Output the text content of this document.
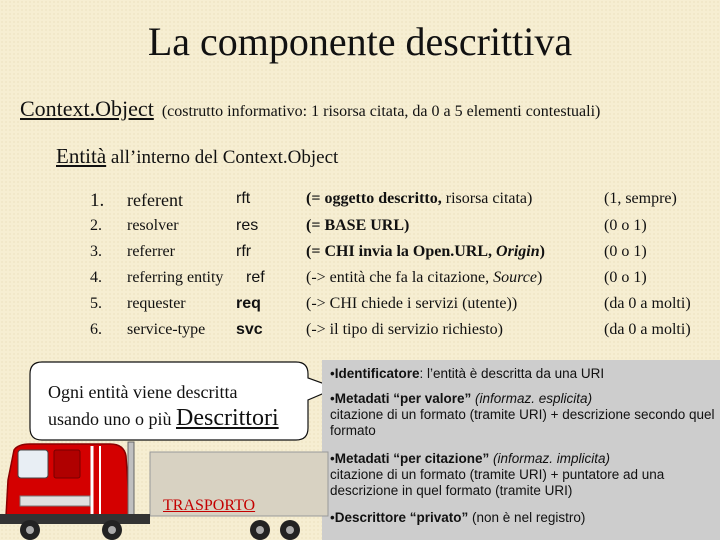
La componente descrittiva
Context.Object (costrutto informativo: 1 risorsa citata, da 0 a 5 elementi contestuali)
Entità all’interno del Context.Object
1. referent	rft	(= oggetto descritto, risorsa citata)	(1, sempre)
2. resolver	res	(= BASE URL)	(0 o 1)
3. referrer	rfr	(= CHI invia la Open.URL, Origin)	(0 o 1)
4. referring entity ref	(-> entità che fa la citazione, Source)	(0 o 1)
5. requester	req	(-> CHI chiede i servizi (utente))	(da 0 a molti)
6. service-type svc	(-> il tipo di servizio richiesto)	(da 0 a molti)
Ogni entità viene descritta
usando uno o più Descrittori
•Identificatore: l’entità è descritta da una URI
•Metadati “per valore” (informaz. esplicita)
citazione di un formato (tramite URI) + descrizione secondo quel formato
•Metadati “per citazione” (informaz. implicita)
citazione di un formato (tramite URI) + puntatore ad una descrizione in quel formato (tramite URI)
•Descrittore “privato” (non è nel registro)
TRASPORTO
